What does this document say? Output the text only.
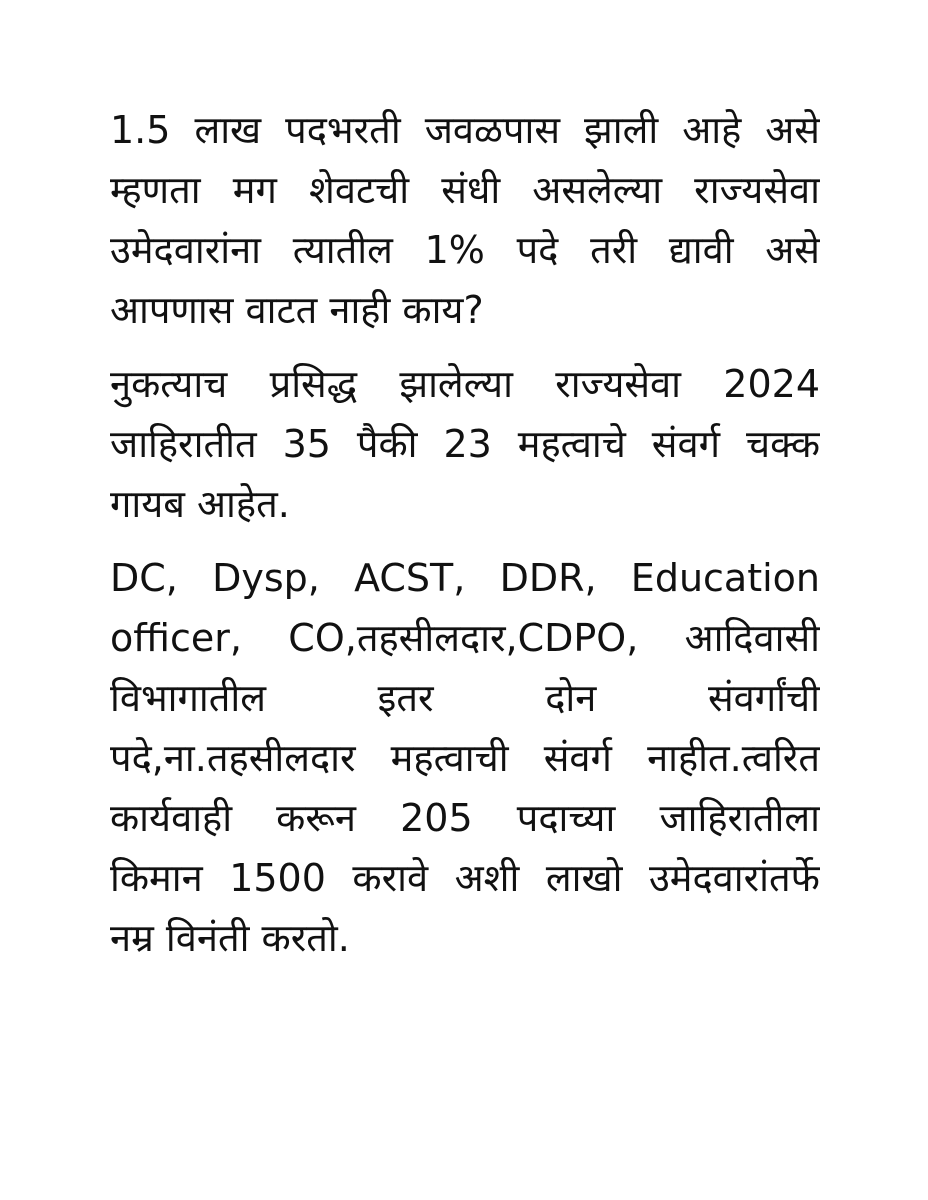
1.5 लाख पदभरती जवळपास झाली आहे असे
म्हणता मग शेवटची संधी असलेल्या राज्यसेवा
उमेदवारांना त्यातील 1% पदे तरी द्यावी असे
आपणास वाटत नाही काय?

नुकत्याच प्रसिद्ध झालेल्या राज्यसेवा 2024
जाहिरातीत 35 पैकी 23 महत्वाचे संवर्ग चक्क
गायब आहेत.

DC, Dysp, ACST, DDR, Education
officer, CO,तहसीलदार,CDPO, आदिवासी
विभागातील इतर दोन संवर्गांची
पदे,ना.तहसीलदार महत्वाची संवर्ग नाहीत.त्वरित
कार्यवाही करून 205 पदाच्या जाहिरातीला
किमान 1500 करावे अशी लाखो उमेदवारांतर्फे
नम्र विनंती करतो.
